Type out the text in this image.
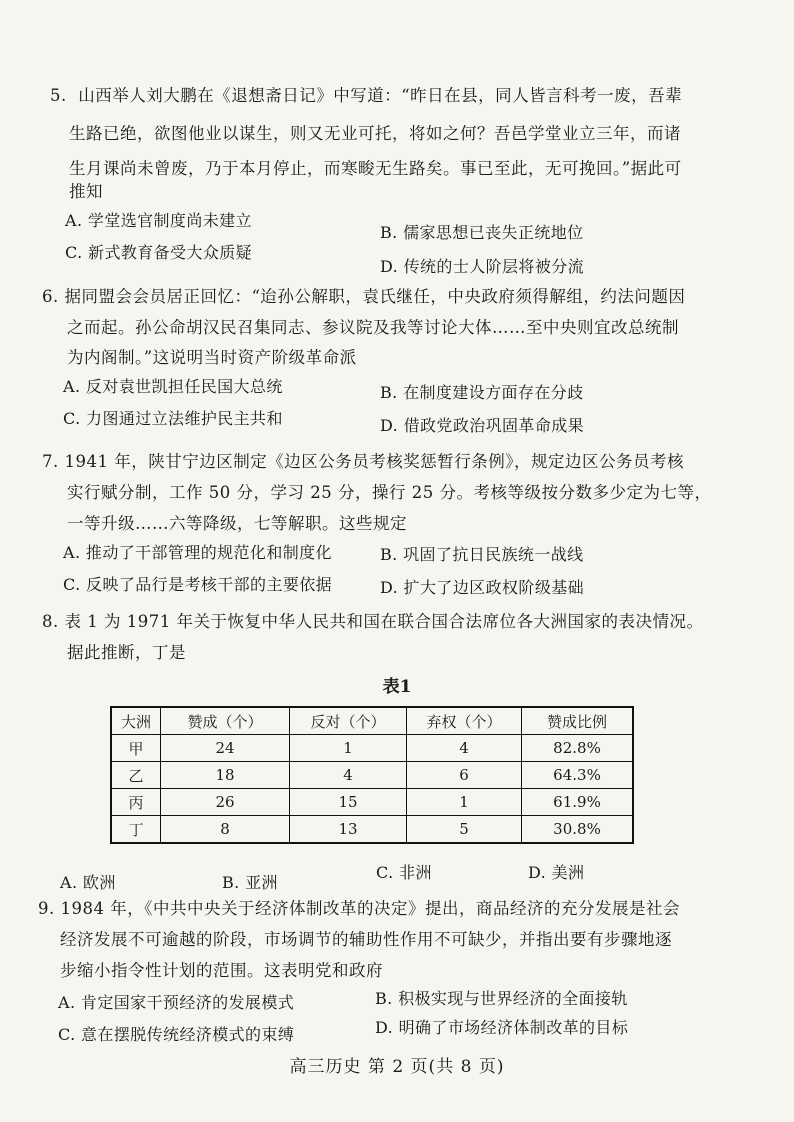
5. 山西举人刘大鹏在《退想斋日记》中写道：“昨日在县，同人皆言科考一废，吾辈
生路已绝，欲图他业以谋生，则又无业可托，将如之何？吾邑学堂业立三年，而诸
生月课尚未曾废，乃于本月停止，而寒畯无生路矣。事已至此，无可挽回。”据此可
推知
A. 学堂选官制度尚未建立
B. 儒家思想已丧失正统地位
C. 新式教育备受大众质疑
D. 传统的士人阶层将被分流
6. 据同盟会会员居正回忆：“迨孙公解职，袁氏继任，中央政府须得解组，约法问题因
之而起。孙公命胡汉民召集同志、参议院及我等讨论大体……至中央则宜改总统制
为内阁制。”这说明当时资产阶级革命派
A. 反对袁世凯担任民国大总统	B. 在制度建设方面存在分歧
C. 力图通过立法维护民主共和	D. 借政党政治巩固革命成果
7. 1941 年，陕甘宁边区制定《边区公务员考核奖惩暂行条例》，规定边区公务员考核
实行赋分制，工作 50 分，学习 25 分，操行 25 分。考核等级按分数多少定为七等，
一等升级……六等降级，七等解职。这些规定
A. 推动了干部管理的规范化和制度化	B. 巩固了抗日民族统一战线
C. 反映了品行是考核干部的主要依据	D. 扩大了边区政权阶级基础
8. 表 1 为 1971 年关于恢复中华人民共和国在联合国合法席位各大洲国家的表决情况。
据此推断，丁是
表1
大洲	赞成（个）	反对（个）	弃权（个）	赞成比例
甲	24	1	4	82.8%
乙	18	4	6	64.3%
丙	26	15	1	61.9%
丁	8	13	5	30.8%
A. 欧洲	B. 亚洲
C. 非洲	D. 美洲
9. 1984 年，《中共中央关于经济体制改革的决定》提出，商品经济的充分发展是社会
经济发展不可逾越的阶段，市场调节的辅助性作用不可缺少，并指出要有步骤地逐
步缩小指令性计划的范围。这表明党和政府
A. 肯定国家干预经济的发展模式	B. 积极实现与世界经济的全面接轨
C. 意在摆脱传统经济模式的束缚	D. 明确了市场经济体制改革的目标
高三历史 第 2 页(共 8 页)
